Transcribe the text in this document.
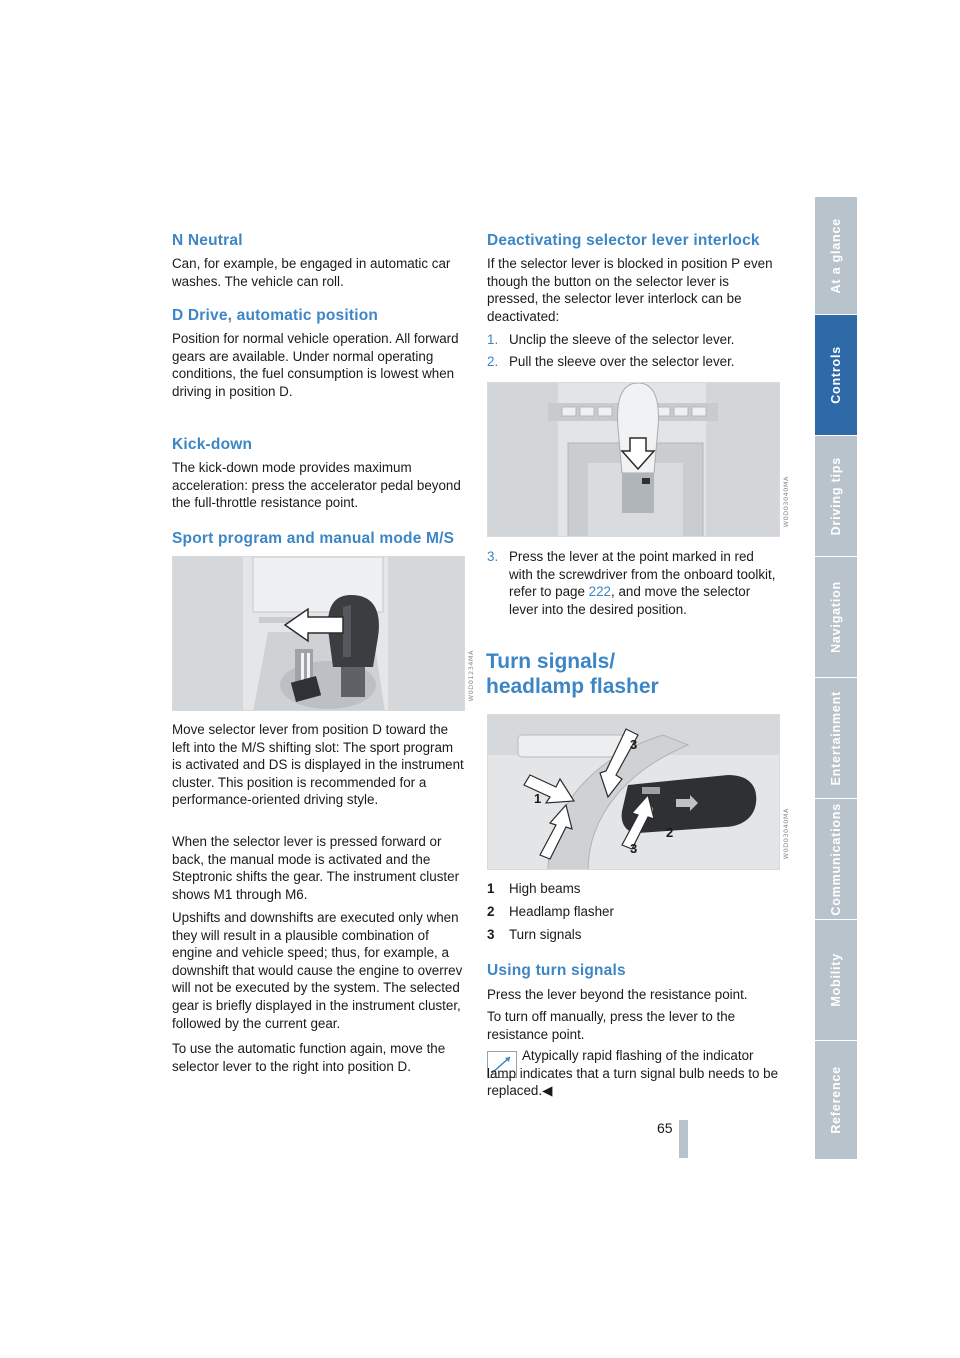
N Neutral

Can, for example, be engaged in automatic car washes. The vehicle can roll.

D Drive, automatic position

Position for normal vehicle operation. All forward gears are available. Under normal operating conditions, the fuel consumption is lowest when driving in position D.

Kick-down

The kick-down mode provides maximum acceleration: press the accelerator pedal beyond the full-throttle resistance point.

Sport program and manual mode M/S
W0D01234MA

Move selector lever from position D toward the left into the M/S shifting slot: The sport program is activated and DS is displayed in the instrument cluster. This position is recommended for a performance-oriented driving style.

When the selector lever is pressed forward or back, the manual mode is activated and the Steptronic shifts the gear. The instrument cluster shows M1 through M6.

Upshifts and downshifts are executed only when they will result in a plausible combination of engine and vehicle speed; thus, for example, a downshift that would cause the engine to overrev will not be executed by the system. The selected gear is briefly displayed in the instrument cluster, followed by the current gear.

To use the automatic function again, move the selector lever to the right into position D.

Deactivating selector lever interlock

If the selector lever is blocked in position P even though the button on the selector lever is pressed, the selector lever interlock can be deactivated:

1. Unclip the sleeve of the selector lever.
2. Pull the sleeve over the selector lever.
W0D03040MA
3. Press the lever at the point marked in red with the screwdriver from the onboard toolkit, refer to page 222, and move the selector lever into the desired position.
Turn signals/
headlamp flasher
1
3
2
3	W0D03040MA
1 High beams
2 Headlamp flasher
3 Turn signals
Using turn signals

Press the lever beyond the resistance point.

To turn off manually, press the lever to the resistance point.

Atypically rapid flashing of the indicator lamp indicates that a turn signal bulb needs to be replaced.◀

65
At a glance
Controls
Driving tips
Navigation
Entertainment
Communications
Mobility
Reference
